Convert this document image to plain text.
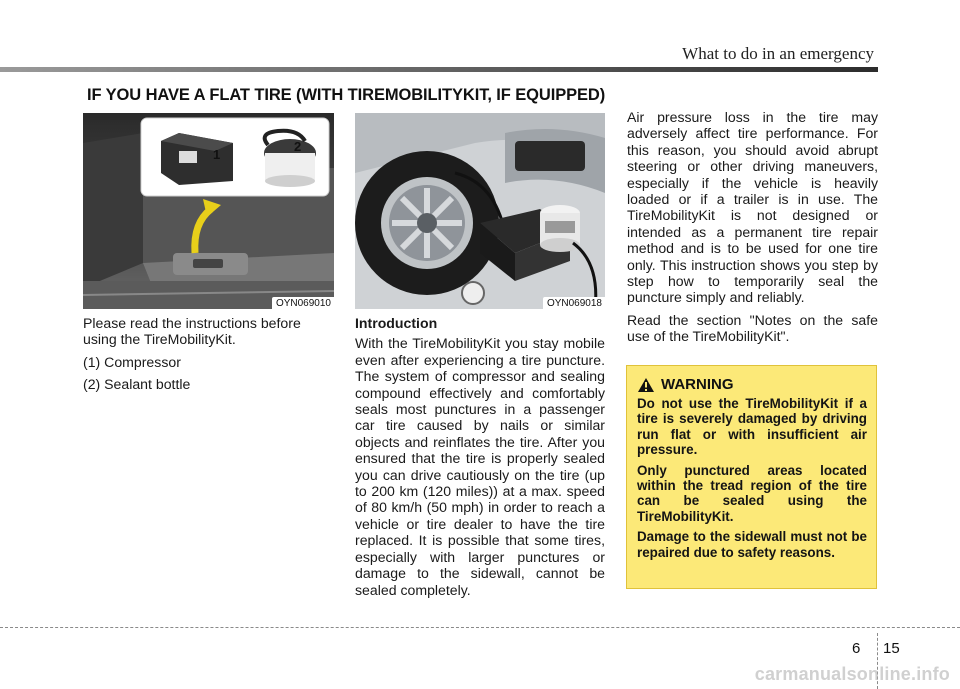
What to do in an emergency
IF YOU HAVE A FLAT TIRE (WITH TIREMOBILITYKIT, IF EQUIPPED)
1
2
OYN069010	OYN069018

Please read the instructions before using the TireMobilityKit.

(1) Compressor

(2) Sealant bottle

Introduction

With the TireMobilityKit you stay mobile even after experiencing a tire puncture. The system of compressor and sealing compound effectively and comfortably seals most punctures in a passenger car tire caused by nails or similar objects and reinflates the tire. After you ensured that the tire is properly sealed you can drive cautiously on the tire (up to 200 km (120 miles)) at a max. speed of 80 km/h (50 mph) in order to reach a vehicle or tire dealer to have the tire replaced. It is possible that some tires, especially with larger punctures or damage to the sidewall, cannot be sealed completely.

Air pressure loss in the tire may adversely affect tire performance. For this reason, you should avoid abrupt steering or other driving maneuvers, especially if the vehicle is heavily loaded or if a trailer is in use. The TireMobilityKit is not designed or intended as a permanent tire repair method and is to be used for one tire only. This instruction shows you step by step how to temporarily seal the puncture simply and reliably.

Read the section "Notes on the safe use of the TireMobilityKit".

WARNING

Do not use the TireMobilityKit if a tire is severely damaged by driving run flat or with insufficient air pressure.

Only punctured areas located within the tread region of the tire can be sealed using the TireMobilityKit.

Damage to the sidewall must not be repaired due to safety reasons.

6 15
carmanualsonline.info
